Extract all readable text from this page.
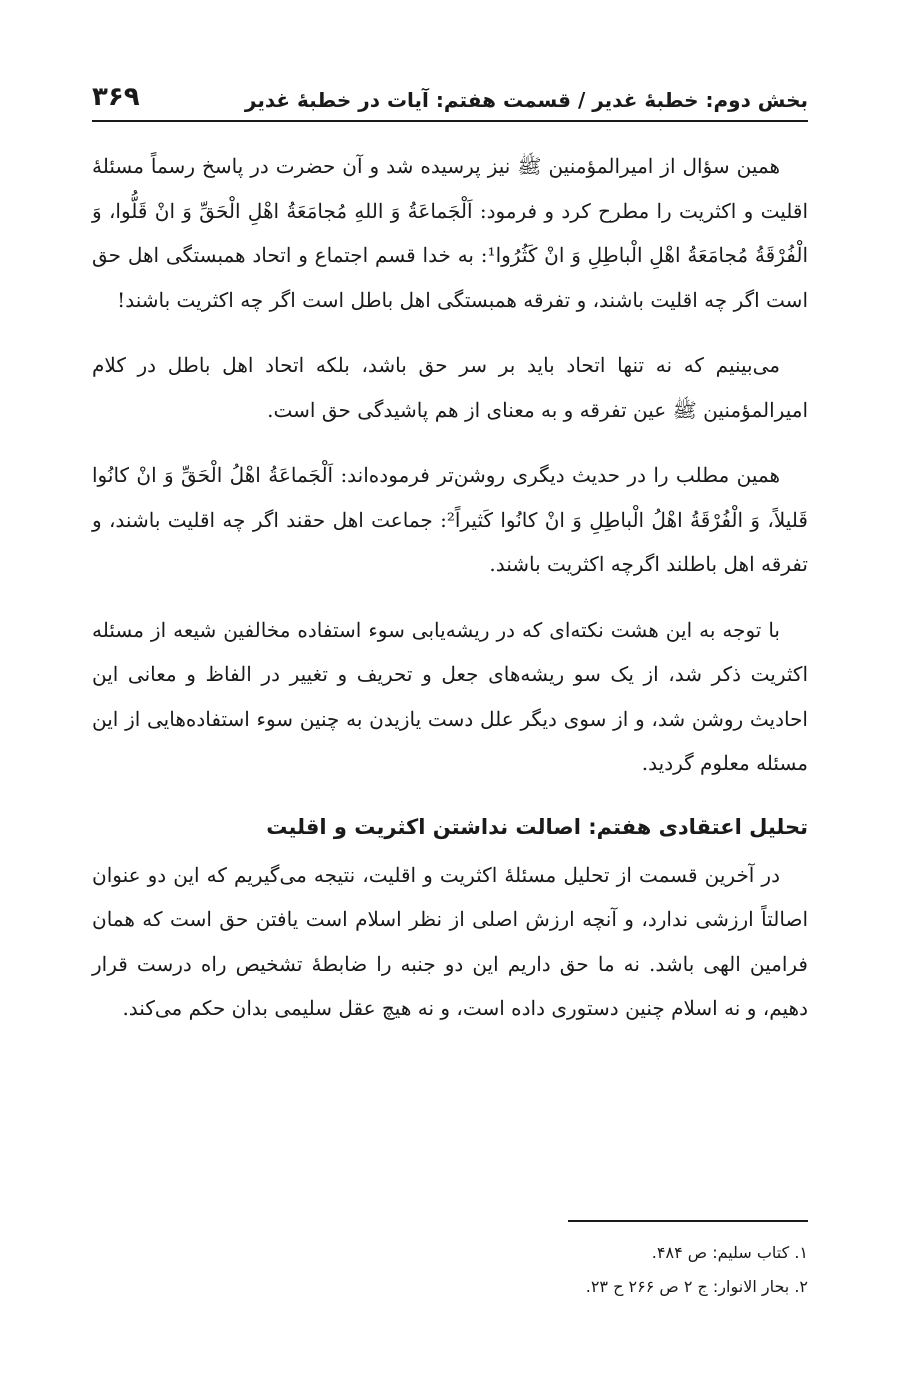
بخش دوم: خطبهٔ غدیر / قسمت هفتم: آیات در خطبهٔ غدیر
۳۶۹

همین سؤال از امیرالمؤمنین ﷺ نیز پرسیده شد و آن حضرت در پاسخ رسماً مسئلهٔ اقلیت و اکثریت را مطرح کرد و فرمود: اَلْجَماعَةُ وَ اللهِ مُجامَعَةُ اهْلِ الْحَقِّ وَ انْ قَلُّوا، وَ الْفُرْقَةُ مُجامَعَةُ اهْلِ الْباطِلِ وَ انْ كَثُرُوا¹: به خدا قسم اجتماع و اتحاد همبستگی اهل حق است اگر چه اقلیت باشند، و تفرقه همبستگی اهل باطل است اگر چه اکثریت باشند!

می‌بینیم که نه تنها اتحاد باید بر سر حق باشد، بلکه اتحاد اهل باطل در کلام امیرالمؤمنین ﷺ عین تفرقه و به معنای از هم پاشیدگی حق است.

همین مطلب را در حدیث دیگری روشن‌تر فرموده‌اند: اَلْجَماعَةُ اهْلُ الْحَقِّ وَ انْ كانُوا قَليلاً، وَ الْفُرْقَةُ اهْلُ الْباطِلِ وَ انْ كانُوا كَثيراً²: جماعت اهل حقند اگر چه اقلیت باشند، و تفرقه اهل باطلند اگرچه اکثریت باشند.

با توجه به این هشت نکته‌ای که در ریشه‌یابی سوء استفاده مخالفین شیعه از مسئله اکثریت ذکر شد، از یک سو ریشه‌های جعل و تحریف و تغییر در الفاظ و معانی این احادیث روشن شد، و از سوی دیگر علل دست یازیدن به چنین سوء استفاده‌هایی از این مسئله معلوم گردید.

تحلیل اعتقادی هفتم: اصالت نداشتن اکثریت و اقلیت

در آخرین قسمت از تحلیل مسئلهٔ اکثریت و اقلیت، نتیجه می‌گیریم که این دو عنوان اصالتاً ارزشی ندارد، و آنچه ارزش اصلی از نظر اسلام است یافتن حق است که همان فرامین الهی باشد. نه ما حق داریم این دو جنبه را ضابطهٔ تشخیص راه درست قرار دهیم، و نه اسلام چنین دستوری داده است، و نه هیچ عقل سلیمی بدان حکم می‌کند.

۱. کتاب سلیم: ص ۴۸۴.

۲. بحار الانوار: ج ۲ ص ۲۶۶ ح ۲۳.
